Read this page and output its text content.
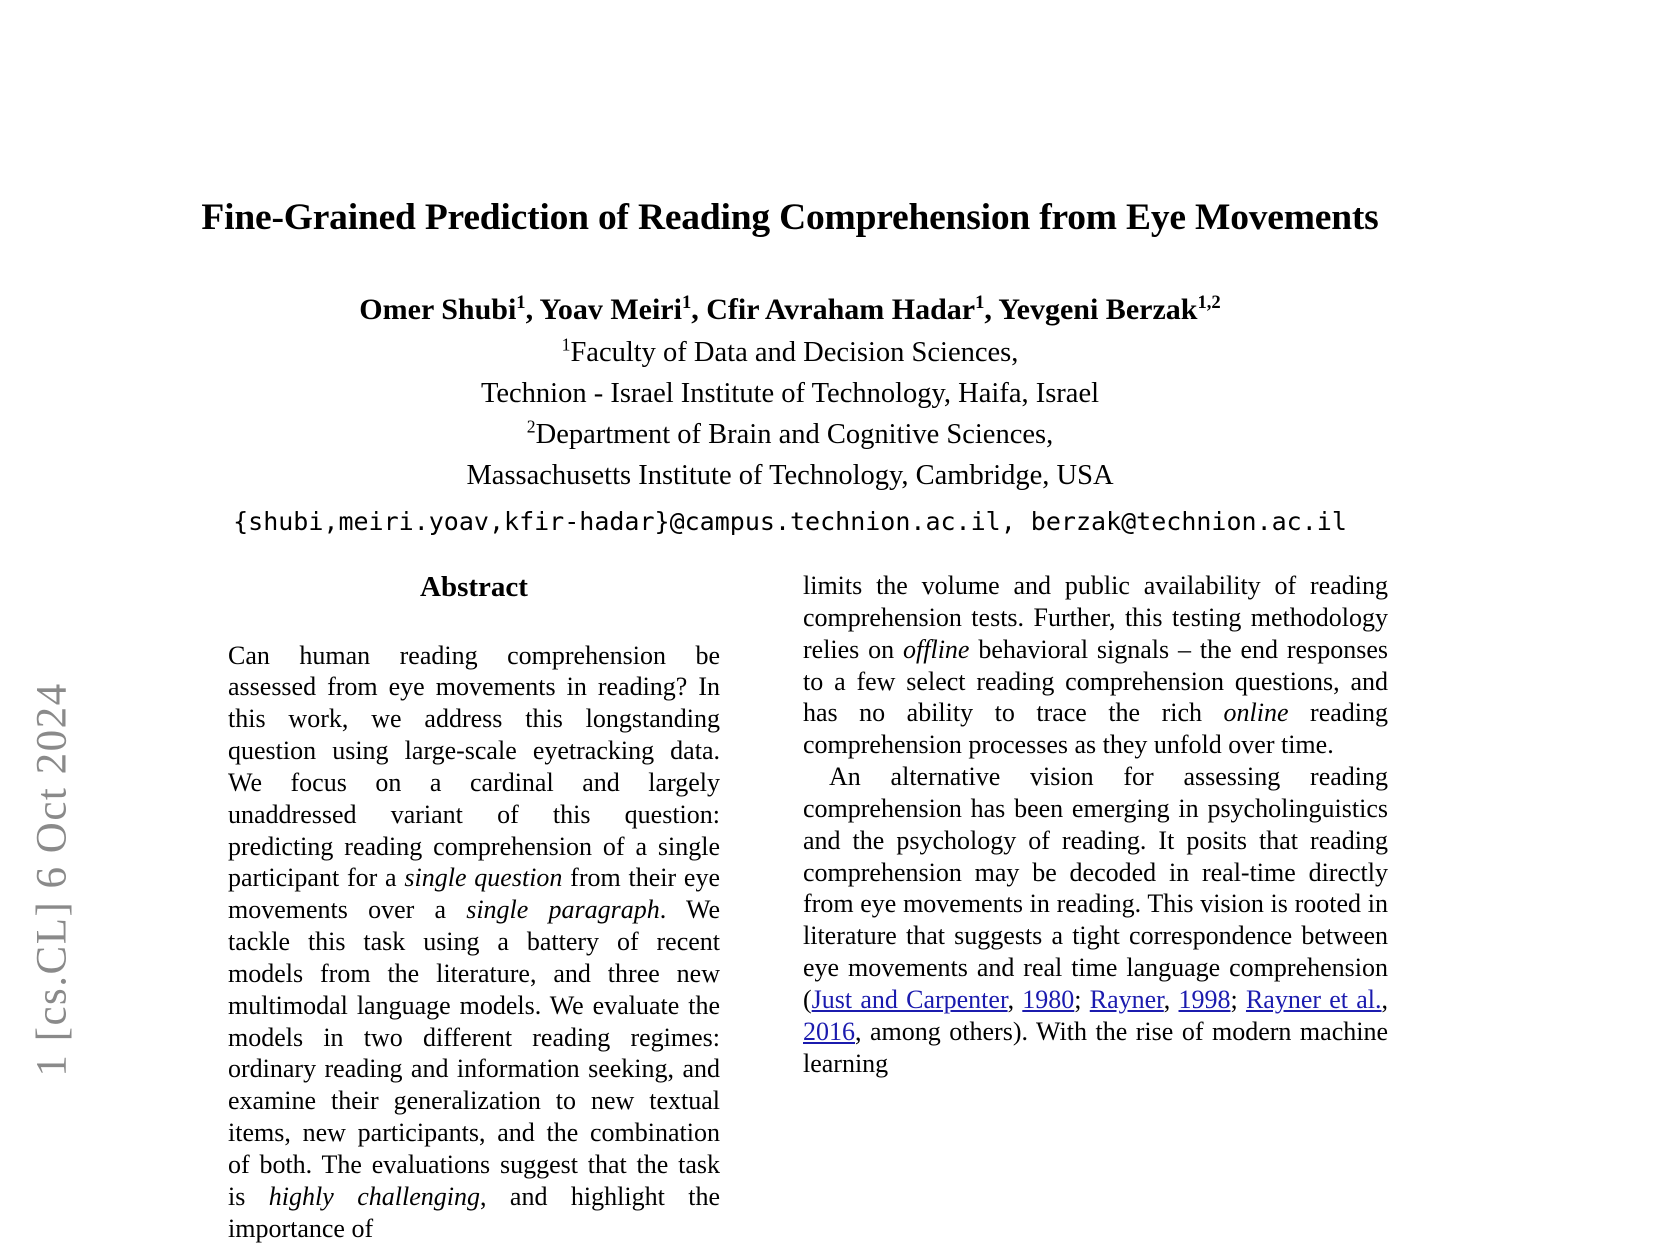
1 [cs.CL] 6 Oct 2024
Fine-Grained Prediction of Reading Comprehension from Eye Movements
Omer Shubi$^1$, Yoav Meiri$^1$, Cfir Avraham Hadar$^1$, Yevgeni Berzak$^{1,2}$
$^1$Faculty of Data and Decision Sciences,
Technion - Israel Institute of Technology, Haifa, Israel
$^2$Department of Brain and Cognitive Sciences,
Massachusetts Institute of Technology, Cambridge, USA
{shubi,meiri.yoav,kfir-hadar}@campus.technion.ac.il, berzak@technion.ac.il
Abstract

Can human reading comprehension be assessed from eye movements in reading? In this work, we address this longstanding question using large-scale eyetracking data. We focus on a cardinal and largely unaddressed variant of this question: predicting reading comprehension of a single participant for a single question from their eye movements over a single paragraph. We tackle this task using a battery of recent models from the literature, and three new multimodal language models. We evaluate the models in two different reading regimes: ordinary reading and information seeking, and examine their generalization to new textual items, new participants, and the combination of both. The evaluations suggest that the task is highly challenging, and highlight the importance of

limits the volume and public availability of reading comprehension tests. Further, this testing methodology relies on offline behavioral signals – the end responses to a few select reading comprehension questions, and has no ability to trace the rich online reading comprehension processes as they unfold over time.

An alternative vision for assessing reading comprehension has been emerging in psycholinguistics and the psychology of reading. It posits that reading comprehension may be decoded in real-time directly from eye movements in reading. This vision is rooted in literature that suggests a tight correspondence between eye movements and real time language comprehension (Just and Carpenter, 1980; Rayner, 1998; Rayner et al., 2016, among others). With the rise of modern machine learning
